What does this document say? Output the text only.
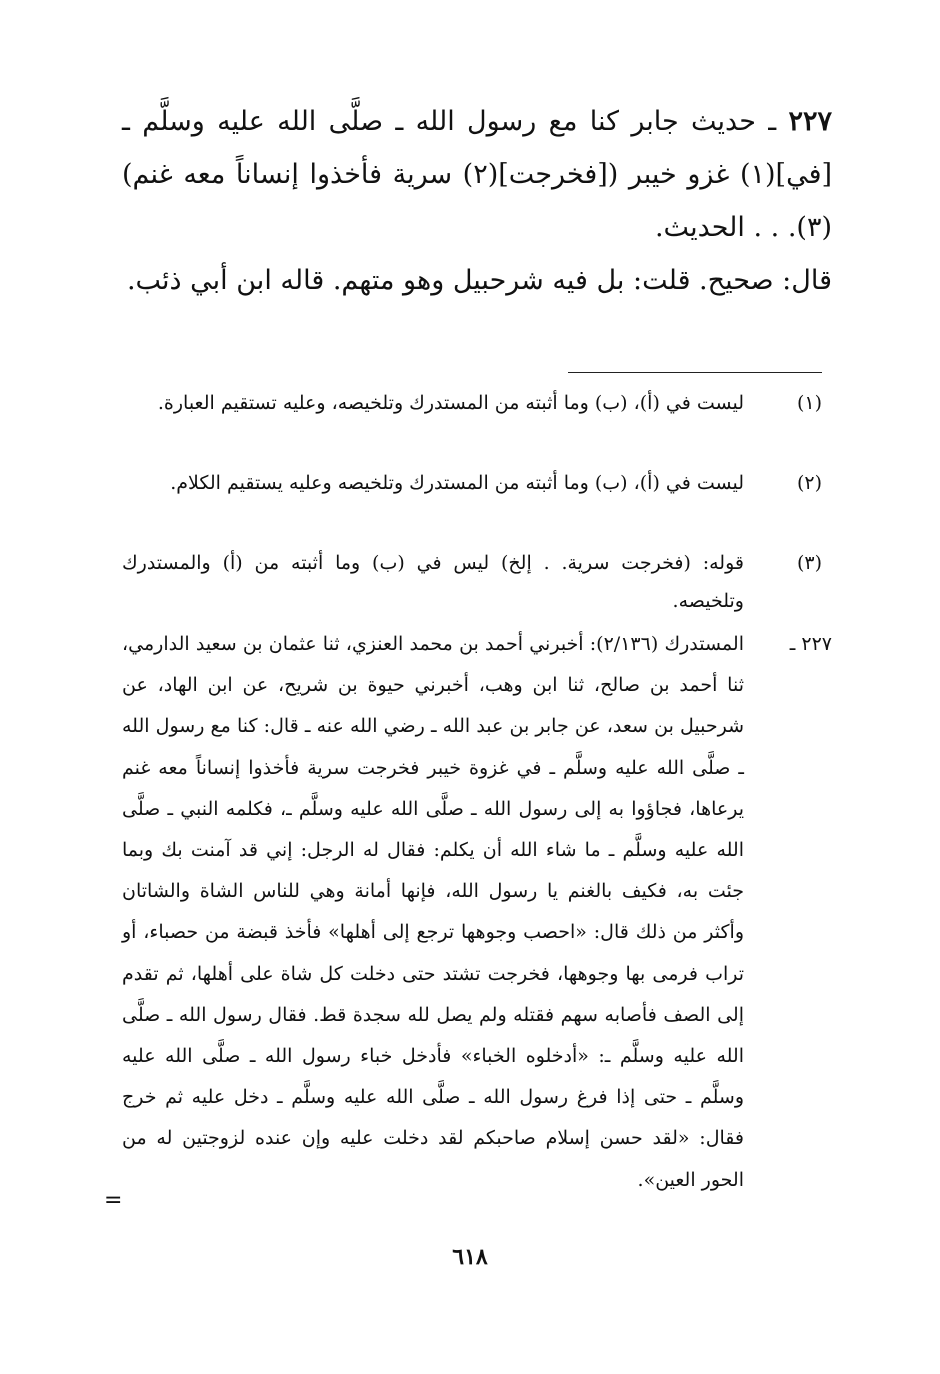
٢٢٧ ـ حديث جابر كنا مع رسول الله ـ صلَّى الله عليه وسلَّم ـ [في](١) غزو خيبر ([فخرجت](٢) سرية فأخذوا إنساناً معه غنم)(٣). . . الحديث.
قال: صحيح. قلت: بل فيه شرحبيل وهو متهم. قاله ابن أبي ذئب.
(١)
ليست في (أ)، (ب) وما أثبته من المستدرك وتلخيصه، وعليه تستقيم العبارة.
(٢)
ليست في (أ)، (ب) وما أثبته من المستدرك وتلخيصه وعليه يستقيم الكلام.
(٣)
قوله: (فخرجت سرية. . إلخ) ليس في (ب) وما أثبته من (أ) والمستدرك وتلخيصه.
٢٢٧ ـالمستدرك (٢/١٣٦): أخبرني أحمد بن محمد العنزي، ثنا عثمان بن سعيد الدارمي، ثنا أحمد بن صالح، ثنا ابن وهب، أخبرني حيوة بن شريح، عن ابن الهاد، عن شرحبيل بن سعد، عن جابر بن عبد الله ـ رضي الله عنه ـ قال: كنا مع رسول الله ـ صلَّى الله عليه وسلَّم ـ في غزوة خيبر فخرجت سرية فأخذوا إنساناً معه غنم يرعاها، فجاؤوا به إلى رسول الله ـ صلَّى الله عليه وسلَّم ـ، فكلمه النبي ـ صلَّى الله عليه وسلَّم ـ ما شاء الله أن يكلم: فقال له الرجل: إني قد آمنت بك وبما جئت به، فكيف بالغنم يا رسول الله، فإنها أمانة وهي للناس الشاة والشاتان وأكثر من ذلك قال: «احصب وجوهها ترجع إلى أهلها» فأخذ قبضة من حصباء، أو تراب فرمى بها وجوهها، فخرجت تشتد حتى دخلت كل شاة على أهلها، ثم تقدم إلى الصف فأصابه سهم فقتله ولم يصل لله سجدة قط. فقال رسول الله ـ صلَّى الله عليه وسلَّم ـ: «أدخلوه الخباء» فأدخل خباء رسول الله ـ صلَّى الله عليه وسلَّم ـ حتى إذا فرغ رسول الله ـ صلَّى الله عليه وسلَّم ـ دخل عليه ثم خرج فقال: «لقد حسن إسلام صاحبكم لقد دخلت عليه وإن عنده لزوجتين له من الحور العين».
=
٦١٨
